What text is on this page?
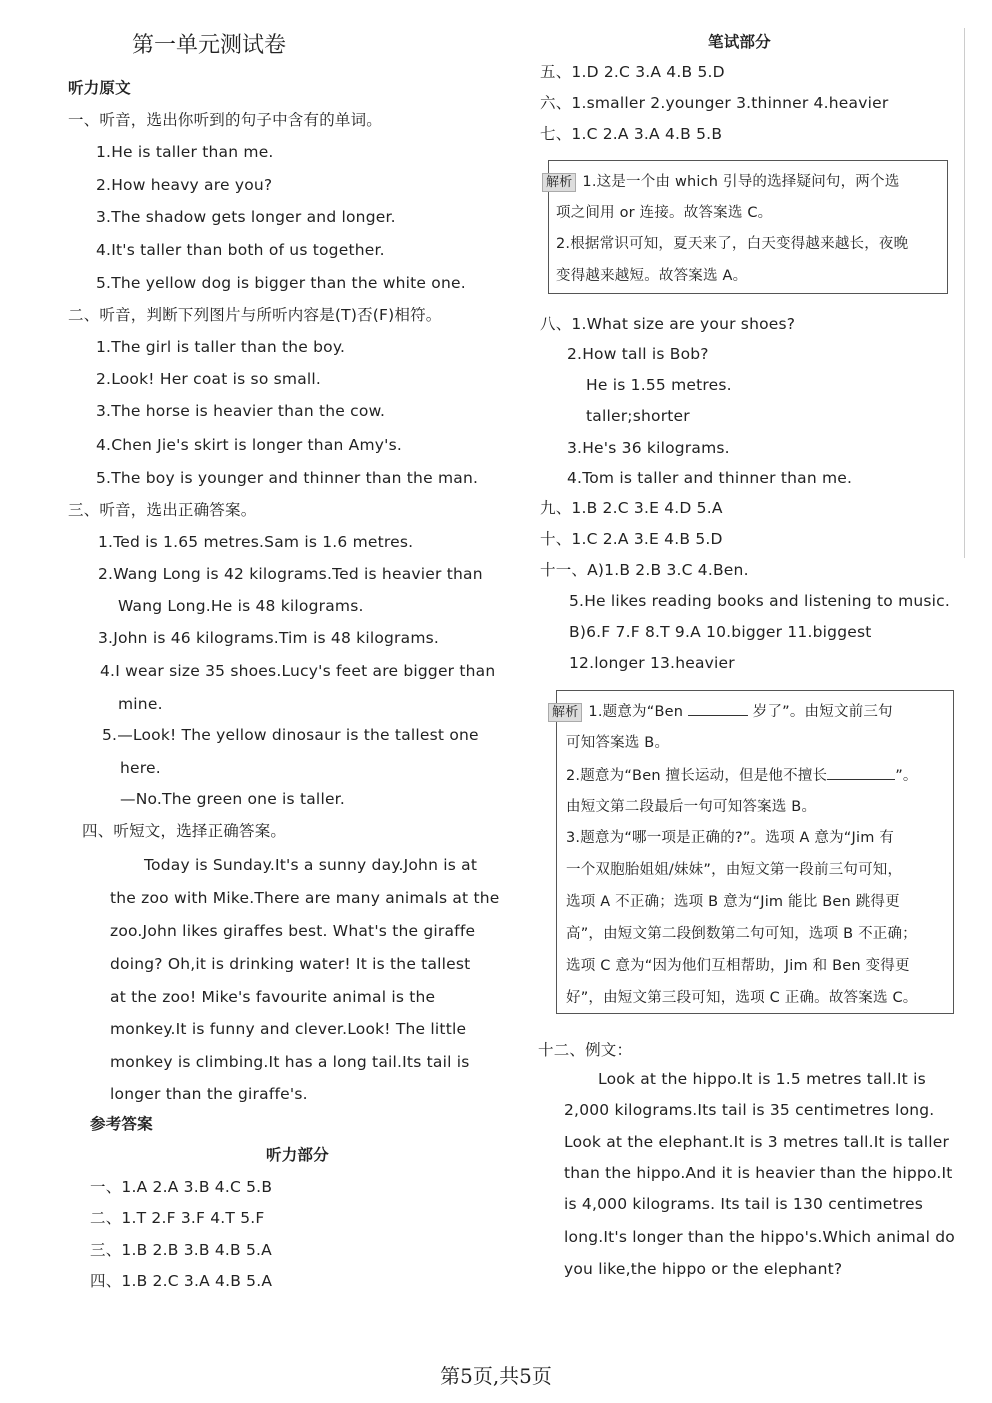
第一单元测试卷
听力原文
一、听音，选出你听到的句子中含有的单词。
1.He is taller than me.
2.How heavy are you?
3.The shadow gets longer and longer.
4.It's taller than both of us together.
5.The yellow dog is bigger than the white one.
二、听音，判断下列图片与所听内容是(T)否(F)相符。
1.The girl is taller than the boy.
2.Look! Her coat is so small.
3.The horse is heavier than the cow.
4.Chen Jie's skirt is longer than Amy's.
5.The boy is younger and thinner than the man.
三、听音，选出正确答案。
1.Ted is 1.65 metres.Sam is 1.6 metres.
2.Wang Long is 42 kilograms.Ted is heavier than
Wang Long.He is 48 kilograms.
3.John is 46 kilograms.Tim is 48 kilograms.
4.I wear size 35 shoes.Lucy's feet are bigger than
mine.
5.—Look! The yellow dinosaur is the tallest one
here.
—No.The green one is taller.
四、听短文，选择正确答案。
Today is Sunday.It's a sunny day.John is at
the zoo with Mike.There are many animals at the
zoo.John likes giraffes best. What's the giraffe
doing? Oh,it is drinking water! It is the tallest
at the zoo! Mike's favourite animal is the
monkey.It is funny and clever.Look! The little
monkey is climbing.It has a long tail.Its tail is
longer than the giraffe's.
参考答案
听力部分
一、1.A 2.A 3.B 4.C 5.B
二、1.T 2.F 3.F 4.T 5.F
三、1.B 2.B 3.B 4.B 5.A
四、1.B 2.C 3.A 4.B 5.A
笔试部分
五、1.D 2.C 3.A 4.B 5.D
六、1.smaller 2.younger 3.thinner 4.heavier
七、1.C 2.A 3.A 4.B 5.B
解析 1.这是一个由 which 引导的选择疑问句，两个选
项之间用 or 连接。故答案选 C。
2.根据常识可知，夏天来了，白天变得越来越长，夜晚
变得越来越短。故答案选 A。
八、1.What size are your shoes?
2.How tall is Bob?
He is 1.55 metres.
taller;shorter
3.He's 36 kilograms.
4.Tom is taller and thinner than me.
九、1.B 2.C 3.E 4.D 5.A
十、1.C 2.A 3.E 4.B 5.D
十一、A)1.B 2.B 3.C 4.Ben.
5.He likes reading books and listening to music.
B)6.F 7.F 8.T 9.A 10.bigger 11.biggest
12.longer 13.heavier
解析 1.题意为“Ben	岁了”。由短文前三句
可知答案选 B。
2.题意为“Ben 擅长运动，但是他不擅长	”。
由短文第二段最后一句可知答案选 B。
3.题意为“哪一项是正确的?”。选项 A 意为“Jim 有
一个双胞胎姐姐/妹妹”，由短文第一段前三句可知，
选项 A 不正确；选项 B 意为“Jim 能比 Ben 跳得更
高”，由短文第二段倒数第二句可知，选项 B 不正确；
选项 C 意为“因为他们互相帮助，Jim 和 Ben 变得更
好”，由短文第三段可知，选项 C 正确。故答案选 C。
十二、例文：
Look at the hippo.It is 1.5 metres tall.It is
2,000 kilograms.Its tail is 35 centimetres long.
Look at the elephant.It is 3 metres tall.It is taller
than the hippo.And it is heavier than the hippo.It
is 4,000 kilograms. Its tail is 130 centimetres
long.It's longer than the hippo's.Which animal do
you like,the hippo or the elephant?
第5页,共5页
